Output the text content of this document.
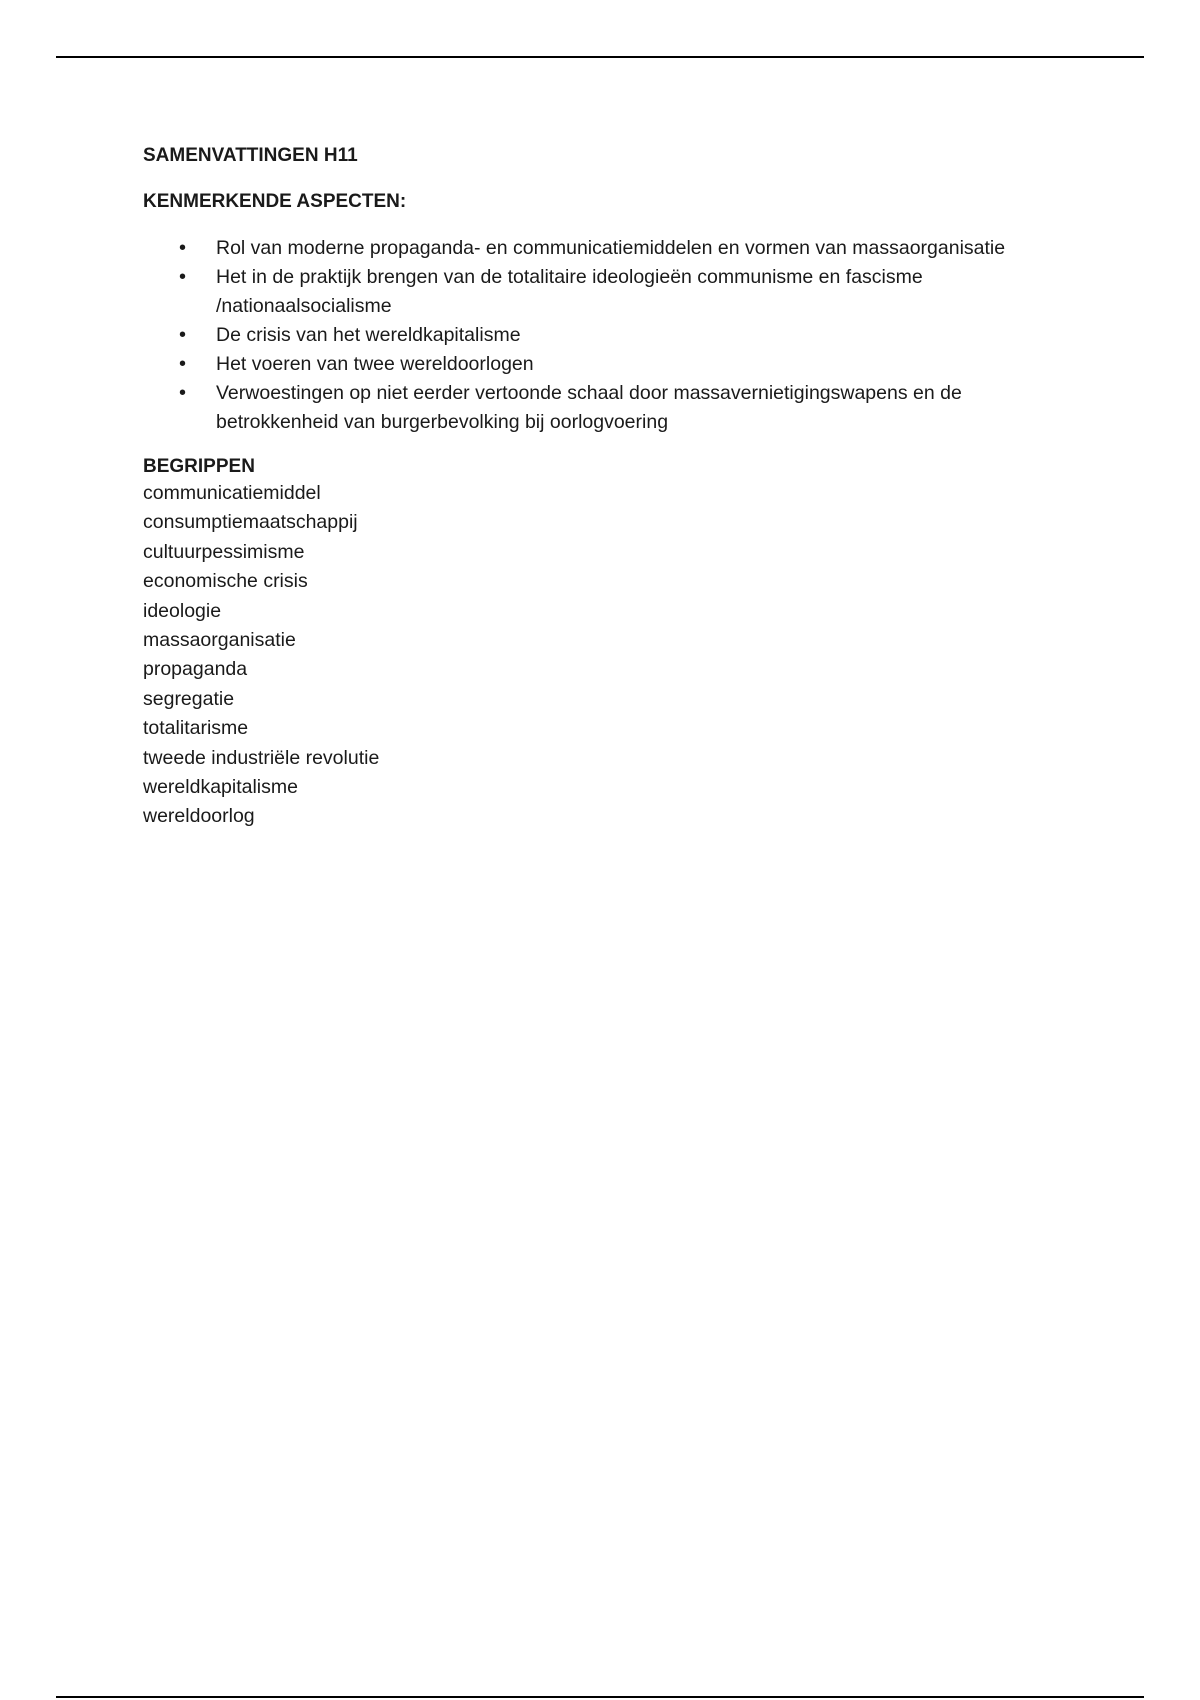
SAMENVATTINGEN H11
KENMERKENDE ASPECTEN:
• Rol van moderne propaganda- en communicatiemiddelen en vormen van massaorganisatie
• Het in de praktijk brengen van de totalitaire ideologieën communisme en fascisme /nationaalsocialisme
• De crisis van het wereldkapitalisme
• Het voeren van twee wereldoorlogen
• Verwoestingen op niet eerder vertoonde schaal door massavernietigingswapens en de betrokkenheid van burgerbevolking bij oorlogvoering
BEGRIPPEN
communicatiemiddel
consumptiemaatschappij
cultuurpessimisme
economische crisis
ideologie
massaorganisatie
propaganda
segregatie
totalitarisme
tweede industriële revolutie
wereldkapitalisme
wereldoorlog
